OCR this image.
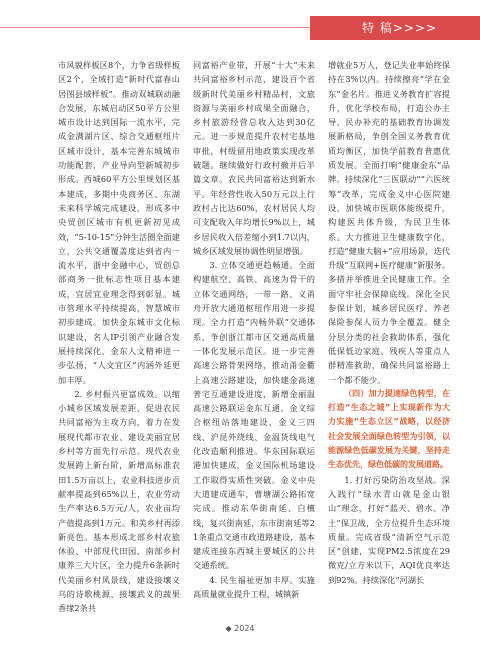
特 稿>>>>

市风貌样板区8个，力争省级样板区2个，全域打造“新时代富春山居图县域样板”。推动双城联动融合发展，东城启动区50平方公里城市设计达到国际一流水平，完成金满湖片区、综合交通枢纽片区城市设计，基本完善东城城市功能配套，产业导向型新城初步形成。西城60平方公里规划区基本建成，多期中央商务区、东湖未来科学城完成建设，形成多中央贸创区城市有机更新初见成效，“5-10-15”分钟生活圈全面建立，公共交通覆盖度达到省内一流水平，浙中金融中心，贸创总部商务一批标志性项目基本建成，宜居宜业理念得到彰显。城市管理水平持续提高，智慧城市初步建成。加快金东城市文化标识建设，名人IP引领产业融合发展持续深化，金东人文精神进一步弘扬，“人文宜区”内涵外延更加丰厚。

2. 乡村振兴更富成效。以缩小城乡区域发展差距、促进农民共同富裕为主攻方向，着力在发展现代都市农业、建设美丽宜居乡村等方面先行示范。现代农业发展跨上新台阶，新增高标准农田1.5万亩以上，农业科技进步贡献率提高到65%以上，农业劳动生产率达6.5万元/人，农业亩均产值提高到1万元。和美乡村再添新亮色。基本形成北部乡村农旅休验、中部现代田园、南部乡村康养三大片区，全力提升6条新时代美丽乡村风景线，建设接壤义乌的诗歌桃源、接壤武义的蔬果香缘2条共

同富裕产业带，开展“十大”未来共同富裕乡村示范，建设百个省级新时代美丽乡村精品村，文旅资源与美丽乡村成果全面融合，乡村旅游经营总收入达到30亿元。进一步规范提升农村宅基地审批，村级留用地政策实现改革破题。继续做好行政村撤并后半篇文章。农民共同富裕达到新水平。年经营性收入50万元以上行政村占比达60%，农村居民人均可支配收入年均增长9%以上，城乡居民收入倍差缩小到1.7以内，城乡区域发展协调性明显增强。

3. 立体交通更趋畅通。全面构建航空、高铁、高速为骨干的立体交通网络，一带一路、义甬舟开放大通道枢纽作用进一步提现。全力打造“内畅外联”交通体系，争创浙江都市区交通高质量一体化发展示范区。进一步完善高速公路骨架网络，推动甬金衢上高速公路建设，加快建金高速普宅互通建设进度，新增金丽温高速公路联运金东互通。金义综合枢纽站落地建设，金义三四线、沪昆外绕线、金温货线电气化改造顺利推进。华东国际联运港加快建成，金义国际机场建设工作取得实质性突破。金义中央大道建成通车，曹塘湖公路拓宽完成。推动东华街南延、白檀线，复兴街南延，东市街南延等21条重点交通市政道路建设，基本建成连接东西城主要城区的公共交通系统。

4. 民生福祉更加丰厚。实施高质量就业提升工程，城镇新

增就业5万人，登记失业率始终保持在3%以内。持续擦亮“学在金东”金名片。推进义务教育扩容提升，优化学校布局，打造公办主导、民办补充的基础教育协调发展新格局，争创全国义务教育优质均衡区，加快学前教育普惠优质发展。全面打响“健康金东”品牌。持续深化“三医联动”“六医统筹”改革，完成金义中心医院建设，加快城市医联体能级提升，构建医共体升级，为民卫生体系。大力推进卫生健康数字化，打造“健康大脑+”应用场景，迭代升级“互联网+医疗健康”新服务。多措并举推进全民健康工作。全面守牢社会保障底线。深化全民参保计划，城乡居民医疗、养老保险参保人员力争全覆盖。健全分层分类的社会救助体系，强化低保低边家庭、残疾人等重点人群精准救助，确保共同富裕路上一个都不能少。

（四）加力提速绿色转型，在打造“生态之城”上实现新作为大力实施“生态立区”战略，以经济社会发展全面绿色转型为引领，以能源绿色低碳发展为关键，坚持走生态优先，绿色低碳的发展道路。

1. 打好污染防治攻坚战。深入践行“绿水青山就是金山银山”理念，打好“蓝天、碧水、净土”保卫战，全方位提升生态环境质量。完成省级“清新空气示范区”创建，实现PM2.5浓度在29微克/立方米以下，AQI优良率达到92%。持续深化“河湖长

◆ 2024
